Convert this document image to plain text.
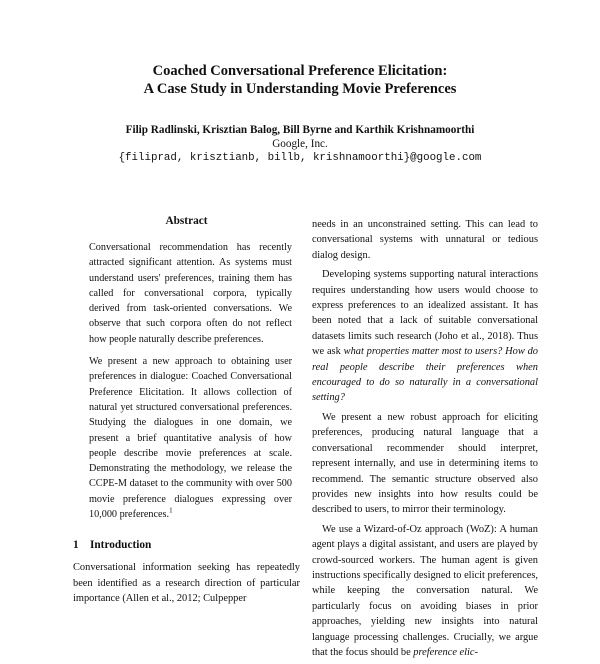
Coached Conversational Preference Elicitation:
A Case Study in Understanding Movie Preferences
Filip Radlinski, Krisztian Balog, Bill Byrne and Karthik Krishnamoorthi
Google, Inc.
{filiprad, krisztianb, billb, krishnamoorthi}@google.com
Abstract

Conversational recommendation has recently attracted significant attention. As systems must understand users' preferences, training them has called for conversational corpora, typically derived from task-oriented conversations. We observe that such corpora often do not reflect how people naturally describe preferences.

We present a new approach to obtaining user preferences in dialogue: Coached Conversational Preference Elicitation. It allows collection of natural yet structured conversational preferences. Studying the dialogues in one domain, we present a brief quantitative analysis of how people describe movie preferences at scale. Demonstrating the methodology, we release the CCPE-M dataset to the community with over 500 movie preference dialogues expressing over 10,000 preferences.$^1$

1 Introduction

Conversational information seeking has repeatedly been identified as a research direction of particular importance (Allen et al., 2012; Culpepper

needs in an unconstrained setting. This can lead to conversational systems with unnatural or tedious dialog design.

Developing systems supporting natural interactions requires understanding how users would choose to express preferences to an idealized assistant. It has been noted that a lack of suitable conversational datasets limits such research (Joho et al., 2018). Thus we ask what properties matter most to users? How do real people describe their preferences when encouraged to do so naturally in a conversational setting?

We present a new robust approach for eliciting preferences, producing natural language that a conversational recommender should interpret, represent internally, and use in determining items to recommend. The semantic structure observed also provides new insights into how results could be described to users, to mirror their terminology.

We use a Wizard-of-Oz approach (WoZ): A human agent plays a digital assistant, and users are played by crowd-sourced workers. The human agent is given instructions specifically designed to elicit preferences, while keeping the conversation natural. We particularly focus on avoiding biases in prior approaches, yielding new insights into natural language processing challenges. Crucially, we argue that the focus should be preference elic-
